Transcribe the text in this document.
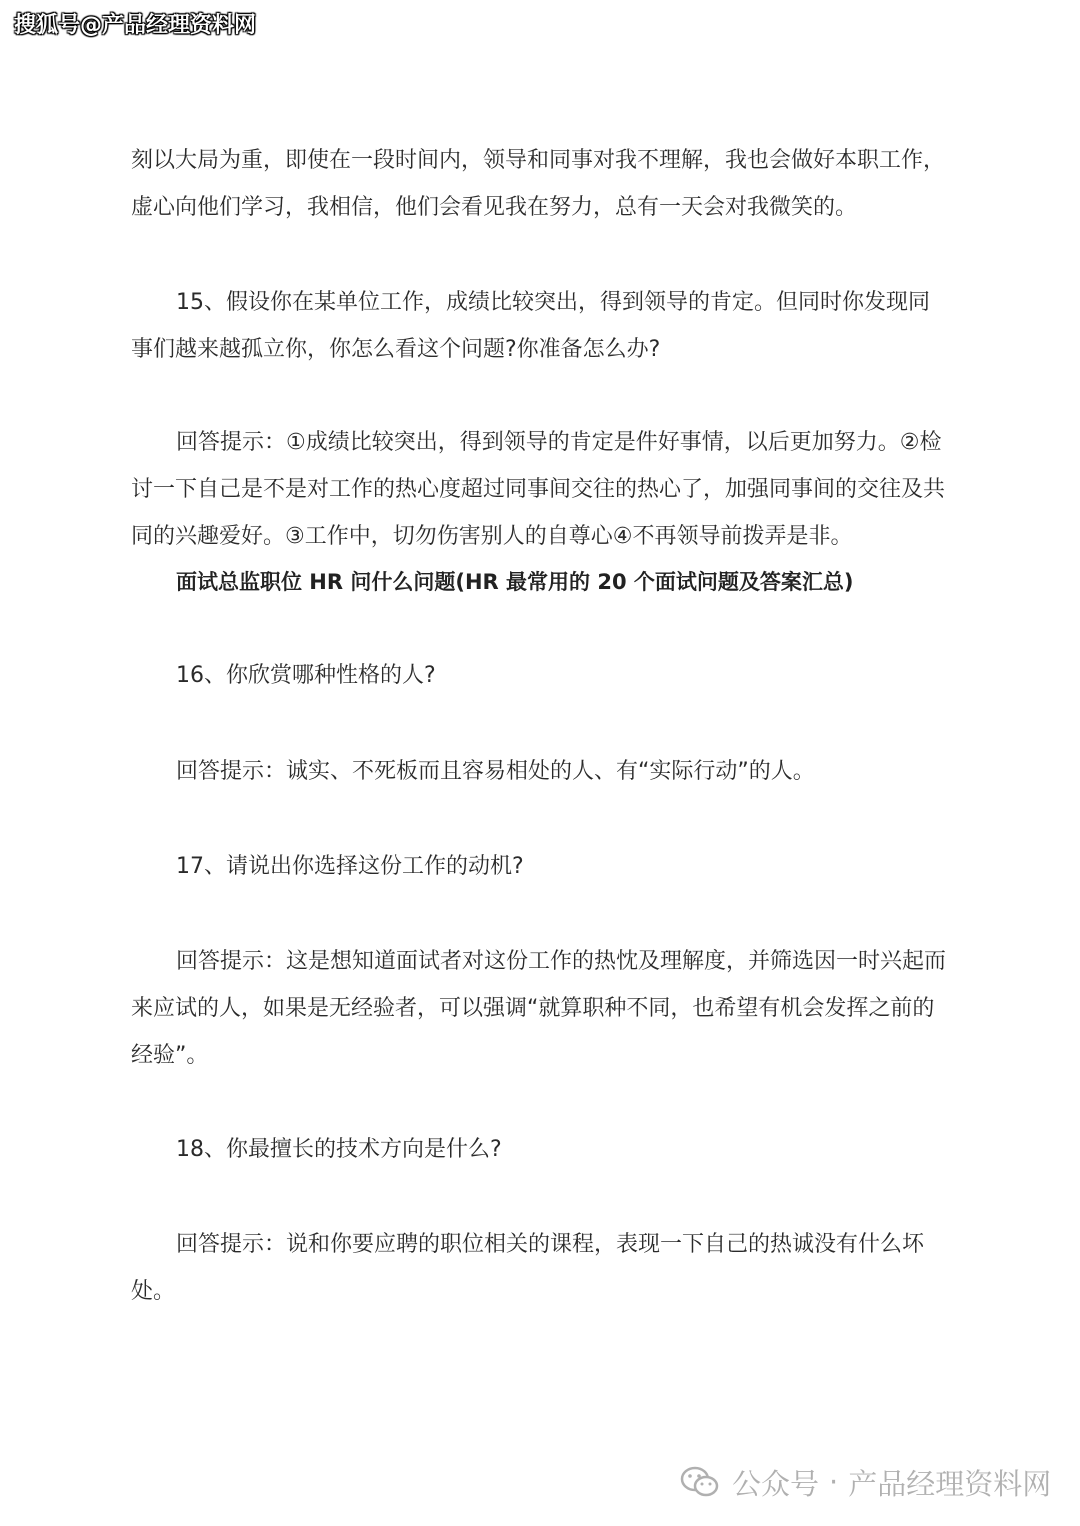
搜狐号@产品经理资料网

刻以大局为重，即使在一段时间内，领导和同事对我不理解，我也会做好本职工作，虚心向他们学习，我相信，他们会看见我在努力，总有一天会对我微笑的。

15、假设你在某单位工作，成绩比较突出，得到领导的肯定。但同时你发现同事们越来越孤立你，你怎么看这个问题?你准备怎么办?

回答提示：①成绩比较突出，得到领导的肯定是件好事情，以后更加努力。②检讨一下自己是不是对工作的热心度超过同事间交往的热心了，加强同事间的交往及共同的兴趣爱好。③工作中，切勿伤害别人的自尊心④不再领导前拨弄是非。

面试总监职位 HR 问什么问题(HR 最常用的 20 个面试问题及答案汇总)

16、你欣赏哪种性格的人?

回答提示：诚实、不死板而且容易相处的人、有“实际行动”的人。

17、请说出你选择这份工作的动机?

回答提示：这是想知道面试者对这份工作的热忱及理解度，并筛选因一时兴起而来应试的人，如果是无经验者，可以强调“就算职种不同，也希望有机会发挥之前的经验”。

18、你最擅长的技术方向是什么?

回答提示：说和你要应聘的职位相关的课程，表现一下自己的热诚没有什么坏处。

公众号 · 产品经理资料网
